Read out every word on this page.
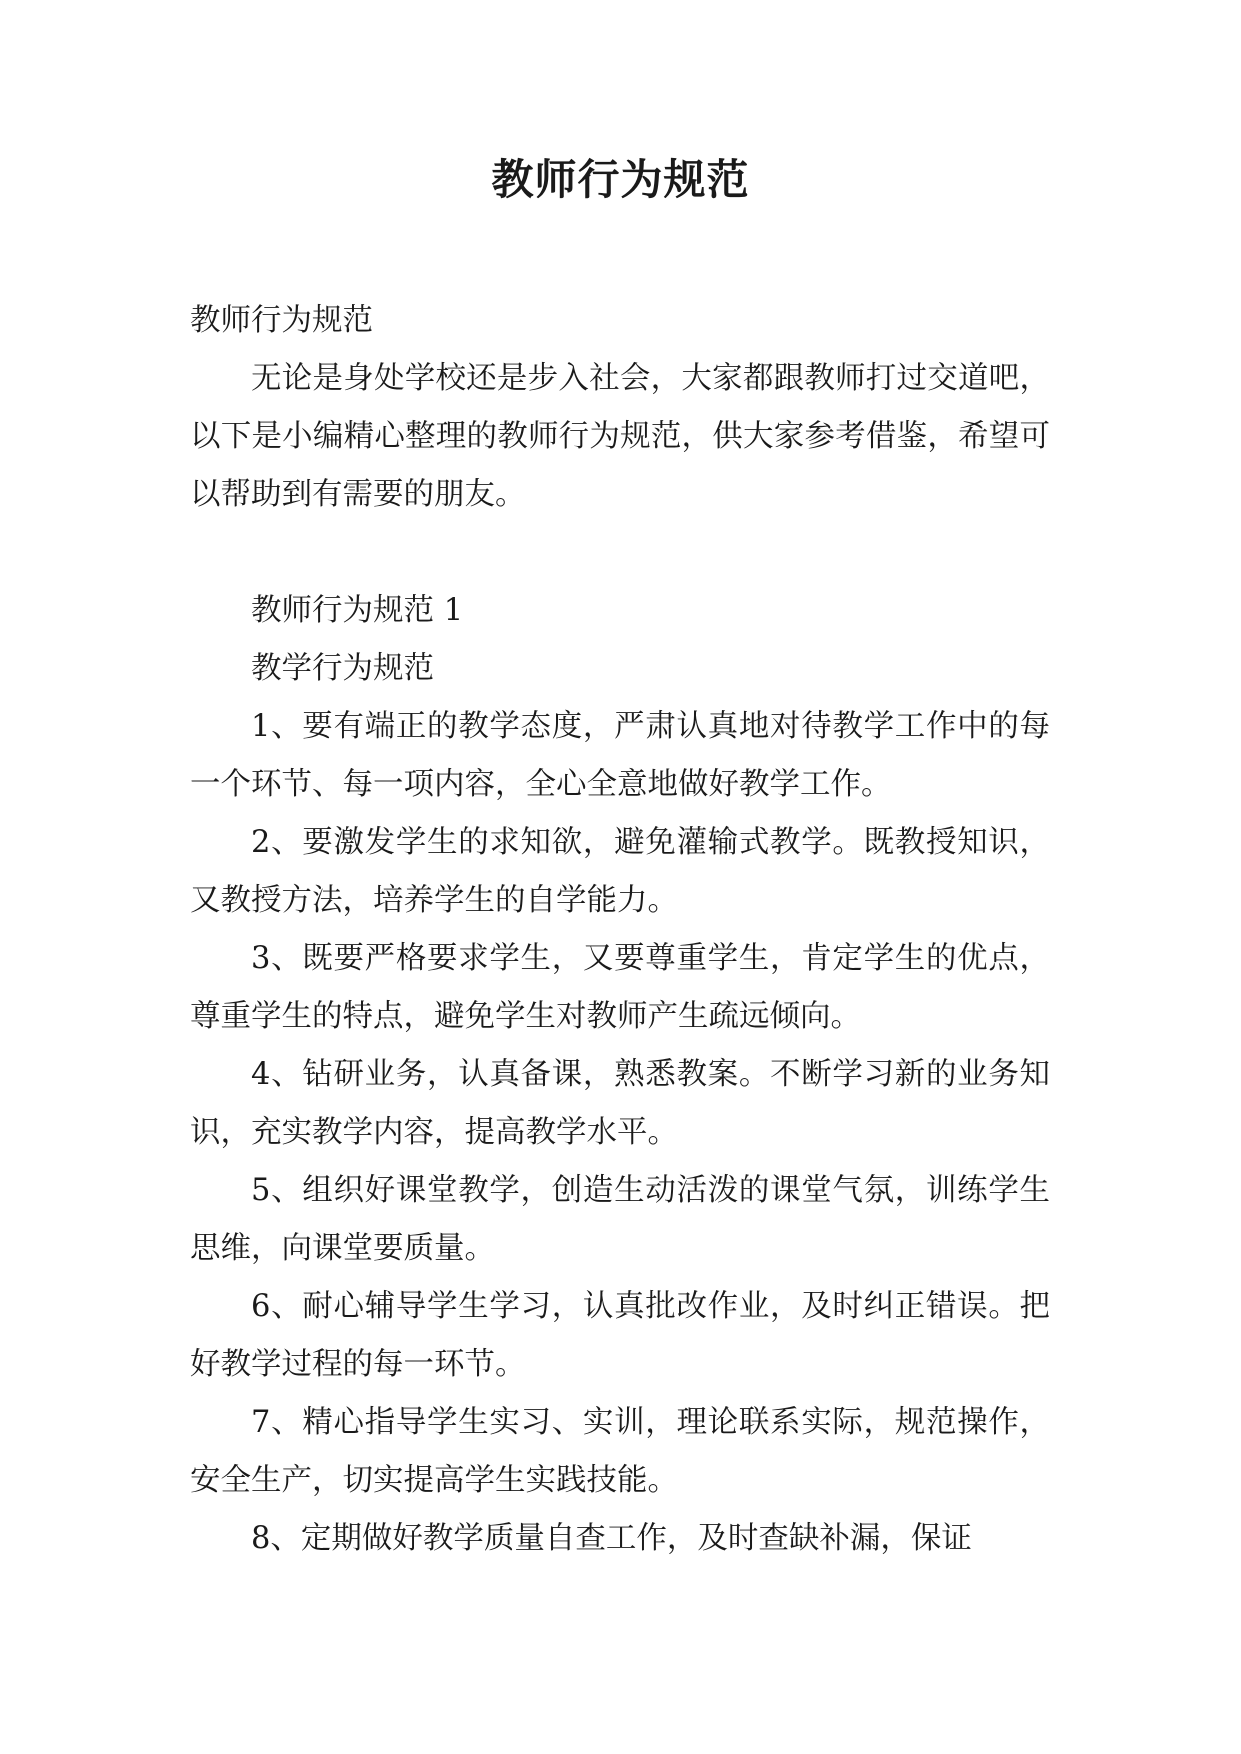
教师行为规范

教师行为规范

无论是身处学校还是步入社会，大家都跟教师打过交道吧，以下是小编精心整理的教师行为规范，供大家参考借鉴，希望可以帮助到有需要的朋友。

教师行为规范 1

教学行为规范

1、要有端正的教学态度，严肃认真地对待教学工作中的每一个环节、每一项内容，全心全意地做好教学工作。

2、要激发学生的求知欲，避免灌输式教学。既教授知识，又教授方法，培养学生的自学能力。

3、既要严格要求学生，又要尊重学生，肯定学生的优点，尊重学生的特点，避免学生对教师产生疏远倾向。

4、钻研业务，认真备课，熟悉教案。不断学习新的业务知识，充实教学内容，提高教学水平。

5、组织好课堂教学，创造生动活泼的课堂气氛，训练学生思维，向课堂要质量。

6、耐心辅导学生学习，认真批改作业，及时纠正错误。把好教学过程的每一环节。

7、精心指导学生实习、实训，理论联系实际，规范操作，安全生产，切实提高学生实践技能。

8、定期做好教学质量自查工作，及时查缺补漏，保证
